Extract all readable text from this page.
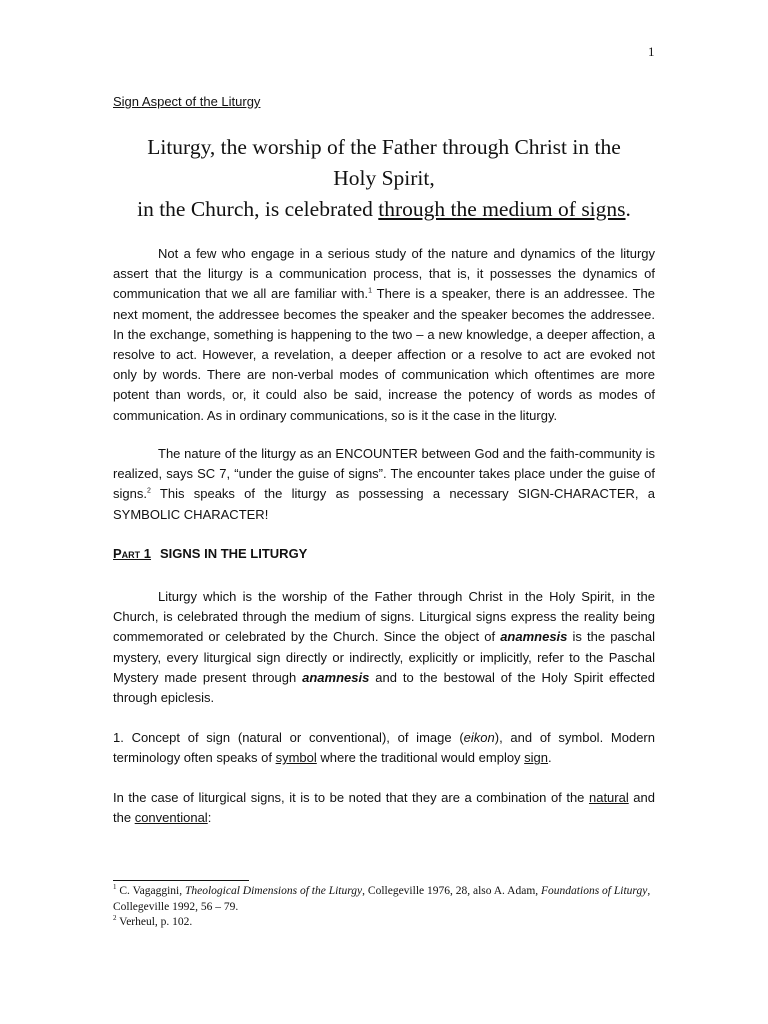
1
Sign Aspect of the Liturgy
Liturgy, the worship of the Father through Christ in the
Holy Spirit,
in the Church, is celebrated through the medium of signs.

Not a few who engage in a serious study of the nature and dynamics of the liturgy assert that the liturgy is a communication process, that is, it possesses the dynamics of communication that we all are familiar with.$^1$ There is a speaker, there is an addressee. The next moment, the addressee becomes the speaker and the speaker becomes the addressee. In the exchange, something is happening to the two – a new knowledge, a deeper affection, a resolve to act. However, a revelation, a deeper affection or a resolve to act are evoked not only by words. There are non-verbal modes of communication which oftentimes are more potent than words, or, it could also be said, increase the potency of words as modes of communication. As in ordinary communications, so is it the case in the liturgy.

The nature of the liturgy as an ENCOUNTER between God and the faith-community is realized, says SC 7, “under the guise of signs”. The encounter takes place under the guise of signs.$^2$ This speaks of the liturgy as possessing a necessary SIGN-CHARACTER, a SYMBOLIC CHARACTER!

Part 1 SIGNS IN THE LITURGY

Liturgy which is the worship of the Father through Christ in the Holy Spirit, in the Church, is celebrated through the medium of signs. Liturgical signs express the reality being commemorated or celebrated by the Church. Since the object of anamnesis is the paschal mystery, every liturgical sign directly or indirectly, explicitly or implicitly, refer to the Paschal Mystery made present through anamnesis and to the bestowal of the Holy Spirit effected through epiclesis.

1. Concept of sign (natural or conventional), of image (eikon), and of symbol. Modern terminology often speaks of symbol where the traditional would employ sign.

In the case of liturgical signs, it is to be noted that they are a combination of the natural and the conventional:

$^1$ C. Vagaggini, Theological Dimensions of the Liturgy, Collegeville 1976, 28, also A. Adam, Foundations of Liturgy, Collegeville 1992, 56 – 79.

$^2$ Verheul, p. 102.
